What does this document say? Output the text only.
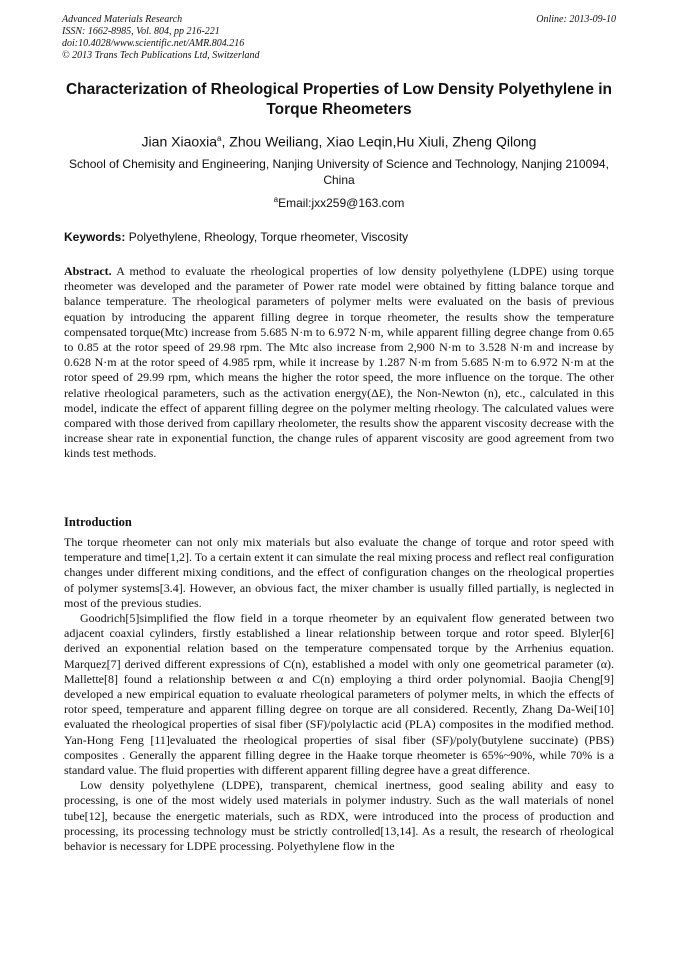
Advanced Materials Research
ISSN: 1662-8985, Vol. 804, pp 216-221
doi:10.4028/www.scientific.net/AMR.804.216
© 2013 Trans Tech Publications Ltd, Switzerland
Online: 2013-09-10
Characterization of Rheological Properties of Low Density Polyethylene in Torque Rheometers
Jian Xiaoxia$^a$, Zhou Weiliang, Xiao Leqin,Hu Xiuli, Zheng Qilong
School of Chemisity and Engineering, Nanjing University of Science and Technology, Nanjing 210094, China
$^a$Email:jxx259@163.com
Keywords: Polyethylene, Rheology, Torque rheometer, Viscosity
Abstract. A method to evaluate the rheological properties of low density polyethylene (LDPE) using torque rheometer was developed and the parameter of Power rate model were obtained by fitting balance torque and balance temperature. The rheological parameters of polymer melts were evaluated on the basis of previous equation by introducing the apparent filling degree in torque rheometer, the results show the temperature compensated torque(Mtc) increase from 5.685 N·m to 6.972 N·m, while apparent filling degree change from 0.65 to 0.85 at the rotor speed of 29.98 rpm. The Mtc also increase from 2,900 N·m to 3.528 N·m and increase by 0.628 N·m at the rotor speed of 4.985 rpm, while it increase by 1.287 N·m from 5.685 N·m to 6.972 N·m at the rotor speed of 29.99 rpm, which means the higher the rotor speed, the more influence on the torque. The other relative rheological parameters, such as the activation energy(ΔE), the Non-Newton (n), etc., calculated in this model, indicate the effect of apparent filling degree on the polymer melting rheology. The calculated values were compared with those derived from capillary rheolometer, the results show the apparent viscosity decrease with the increase shear rate in exponential function, the change rules of apparent viscosity are good agreement from two kinds test methods.
Introduction

The torque rheometer can not only mix materials but also evaluate the change of torque and rotor speed with temperature and time[1,2]. To a certain extent it can simulate the real mixing process and reflect real configuration changes under different mixing conditions, and the effect of configuration changes on the rheological properties of polymer systems[3.4]. However, an obvious fact, the mixer chamber is usually filled partially, is neglected in most of the previous studies.

Goodrich[5]simplified the flow field in a torque rheometer by an equivalent flow generated between two adjacent coaxial cylinders, firstly established a linear relationship between torque and rotor speed. Blyler[6] derived an exponential relation based on the temperature compensated torque by the Arrhenius equation. Marquez[7] derived different expressions of C(n), established a model with only one geometrical parameter (α). Mallette[8] found a relationship between α and C(n) employing a third order polynomial. Baojia Cheng[9] developed a new empirical equation to evaluate rheological parameters of polymer melts, in which the effects of rotor speed, temperature and apparent filling degree on torque are all considered. Recently, Zhang Da-Wei[10] evaluated the rheological properties of sisal fiber (SF)/polylactic acid (PLA) composites in the modified method. Yan-Hong Feng [11]evaluated the rheological properties of sisal fiber (SF)/poly(butylene succinate) (PBS) composites . Generally the apparent filling degree in the Haake torque rheometer is 65%~90%, while 70% is a standard value. The fluid properties with different apparent filling degree have a great difference.

Low density polyethylene (LDPE), transparent, chemical inertness, good sealing ability and easy to processing, is one of the most widely used materials in polymer industry. Such as the wall materials of nonel tube[12], because the energetic materials, such as RDX, were introduced into the process of production and processing, its processing technology must be strictly controlled[13,14]. As a result, the research of rheological behavior is necessary for LDPE processing. Polyethylene flow in the
